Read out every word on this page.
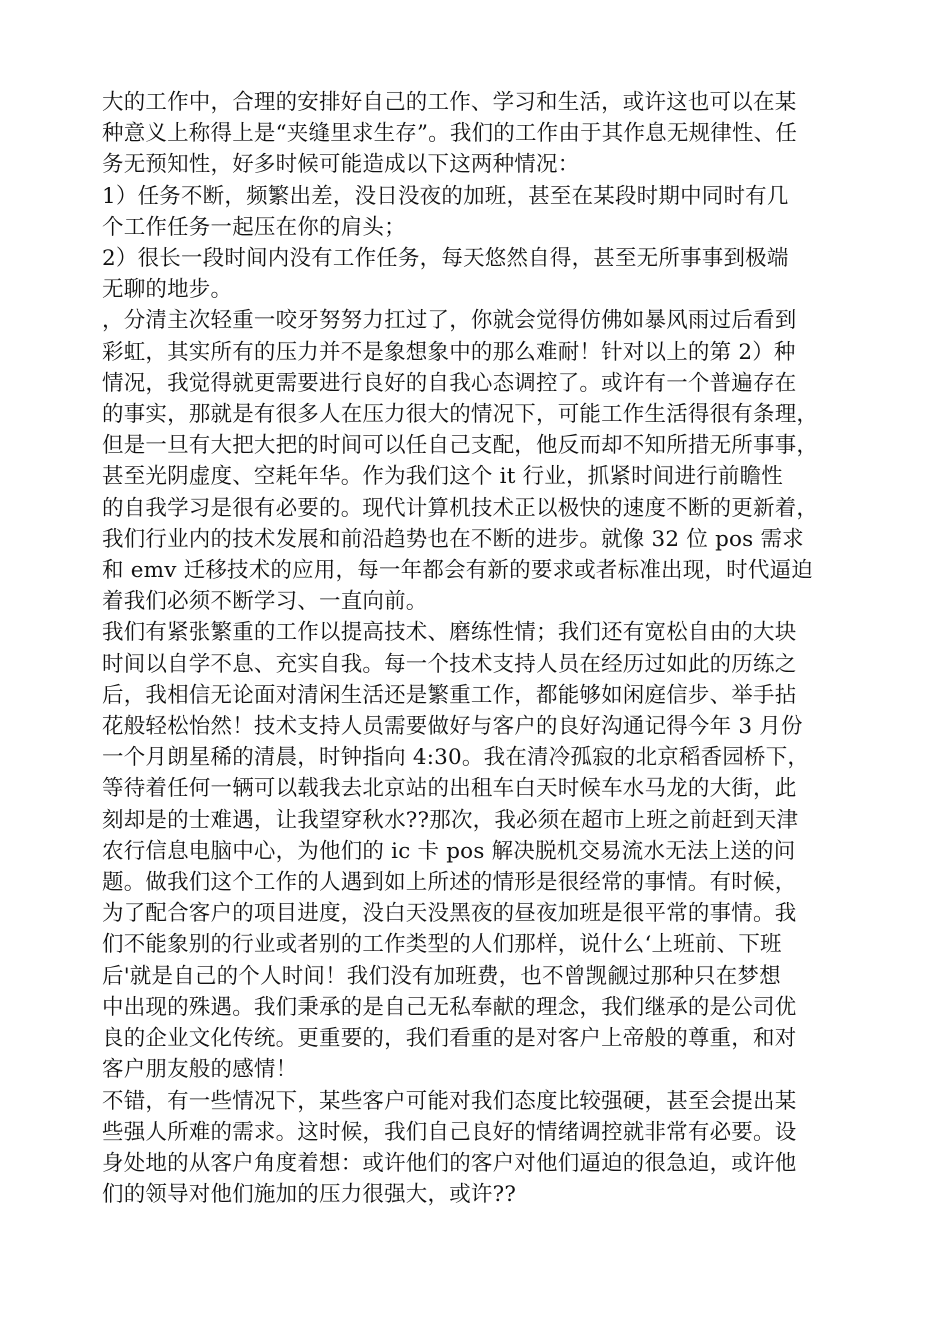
大的工作中，合理的安排好自己的工作、学习和生活，或许这也可以在某
种意义上称得上是“夹缝里求生存”。我们的工作由于其作息无规律性、任
务无预知性，好多时候可能造成以下这两种情况：
1）任务不断，频繁出差，没日没夜的加班，甚至在某段时期中同时有几
个工作任务一起压在你的肩头；
2）很长一段时间内没有工作任务，每天悠然自得，甚至无所事事到极端
无聊的地步。
，分清主次轻重一咬牙努努力扛过了，你就会觉得仿佛如暴风雨过后看到
彩虹，其实所有的压力并不是象想象中的那么难耐！针对以上的第 2）种
情况，我觉得就更需要进行良好的自我心态调控了。或许有一个普遍存在
的事实，那就是有很多人在压力很大的情况下，可能工作生活得很有条理，
但是一旦有大把大把的时间可以任自己支配，他反而却不知所措无所事事，
甚至光阴虚度、空耗年华。作为我们这个 it 行业，抓紧时间进行前瞻性
的自我学习是很有必要的。现代计算机技术正以极快的速度不断的更新着，
我们行业内的技术发展和前沿趋势也在不断的进步。就像 32 位 pos 需求
和 emv 迁移技术的应用，每一年都会有新的要求或者标准出现，时代逼迫
着我们必须不断学习、一直向前。
我们有紧张繁重的工作以提高技术、磨练性情；我们还有宽松自由的大块
时间以自学不息、充实自我。每一个技术支持人员在经历过如此的历练之
后，我相信无论面对清闲生活还是繁重工作，都能够如闲庭信步、举手拈
花般轻松怡然！技术支持人员需要做好与客户的良好沟通记得今年 3 月份
一个月朗星稀的清晨，时钟指向 4:30。我在清冷孤寂的北京稻香园桥下，
等待着任何一辆可以载我去北京站的出租车白天时候车水马龙的大街，此
刻却是的士难遇，让我望穿秋水??那次，我必须在超市上班之前赶到天津
农行信息电脑中心，为他们的 ic 卡 pos 解决脱机交易流水无法上送的问
题。做我们这个工作的人遇到如上所述的情形是很经常的事情。有时候，
为了配合客户的项目进度，没白天没黑夜的昼夜加班是很平常的事情。我
们不能象别的行业或者别的工作类型的人们那样，说什么‘上班前、下班
后'就是自己的个人时间！我们没有加班费，也不曾觊觎过那种只在梦想
中出现的殊遇。我们秉承的是自己无私奉献的理念，我们继承的是公司优
良的企业文化传统。更重要的，我们看重的是对客户上帝般的尊重，和对
客户朋友般的感情！
不错，有一些情况下，某些客户可能对我们态度比较强硬，甚至会提出某
些强人所难的需求。这时候，我们自己良好的情绪调控就非常有必要。设
身处地的从客户角度着想：或许他们的客户对他们逼迫的很急迫，或许他
们的领导对他们施加的压力很强大，或许??
